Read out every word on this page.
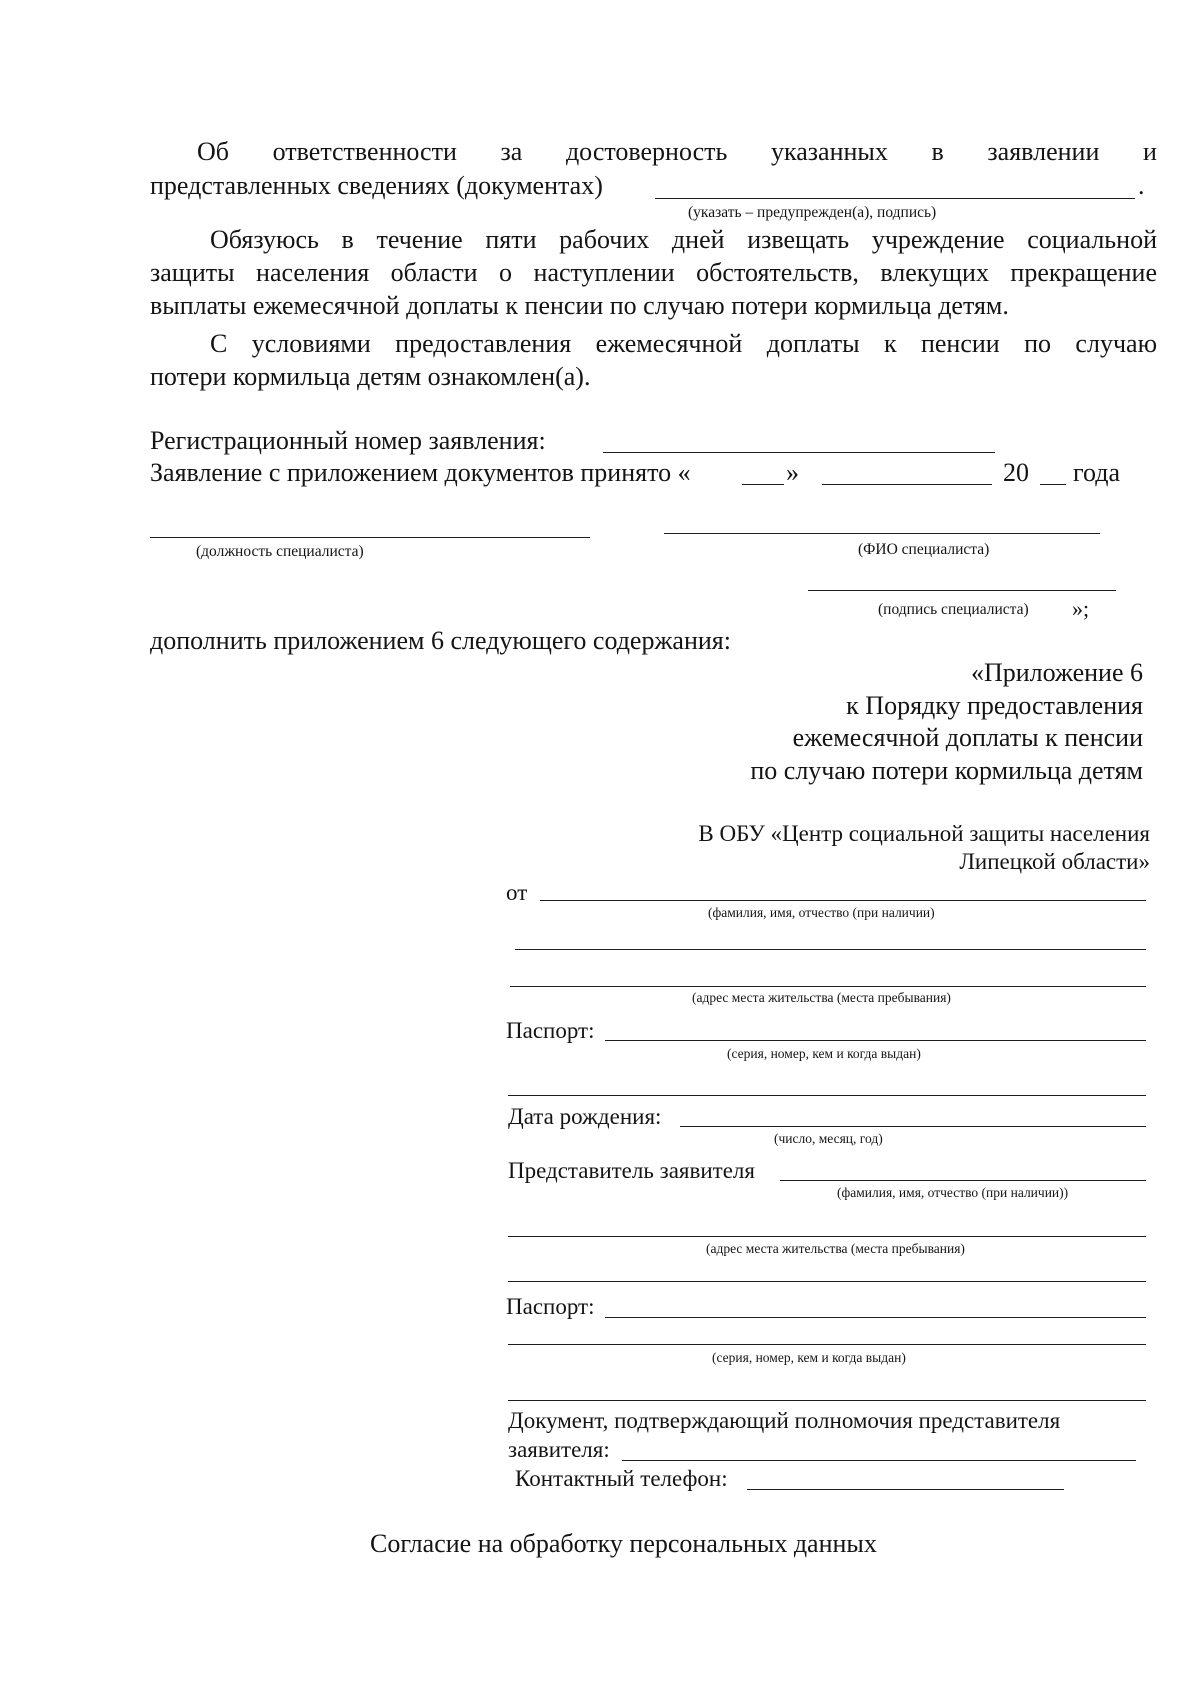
Об ответственности за достоверность указанных в заявлении и
представленных сведениях (документах)	.
(указать – предупрежден(а), подпись)
Обязуюсь в течение пяти рабочих дней извещать учреждение социальной
защиты населения области о наступлении обстоятельств, влекущих прекращение
выплаты ежемесячной доплаты к пенсии по случаю потери кормильца детям.
С условиями предоставления ежемесячной доплаты к пенсии по случаю
потери кормильца детям ознакомлен(а).
Регистрационный номер заявления:
Заявление с приложением документов принято «	»	20 года
(должность специалиста)	(ФИО специалиста)
(подпись специалиста) »;
дополнить приложением 6 следующего содержания:
«Приложение 6
к Порядку предоставления
ежемесячной доплаты к пенсии
по случаю потери кормильца детям
В ОБУ «Центр социальной защиты населения
Липецкой области»
от
(фамилия, имя, отчество (при наличии)
(адрес места жительства (места пребывания)
Паспорт:
(серия, номер, кем и когда выдан)
Дата рождения:
(число, месяц, год)
Представитель заявителя
(фамилия, имя, отчество (при наличии))
(адрес места жительства (места пребывания)
Паспорт:
(серия, номер, кем и когда выдан)
Документ, подтверждающий полномочия представителя
заявителя:
Контактный телефон:
Согласие на обработку персональных данных
